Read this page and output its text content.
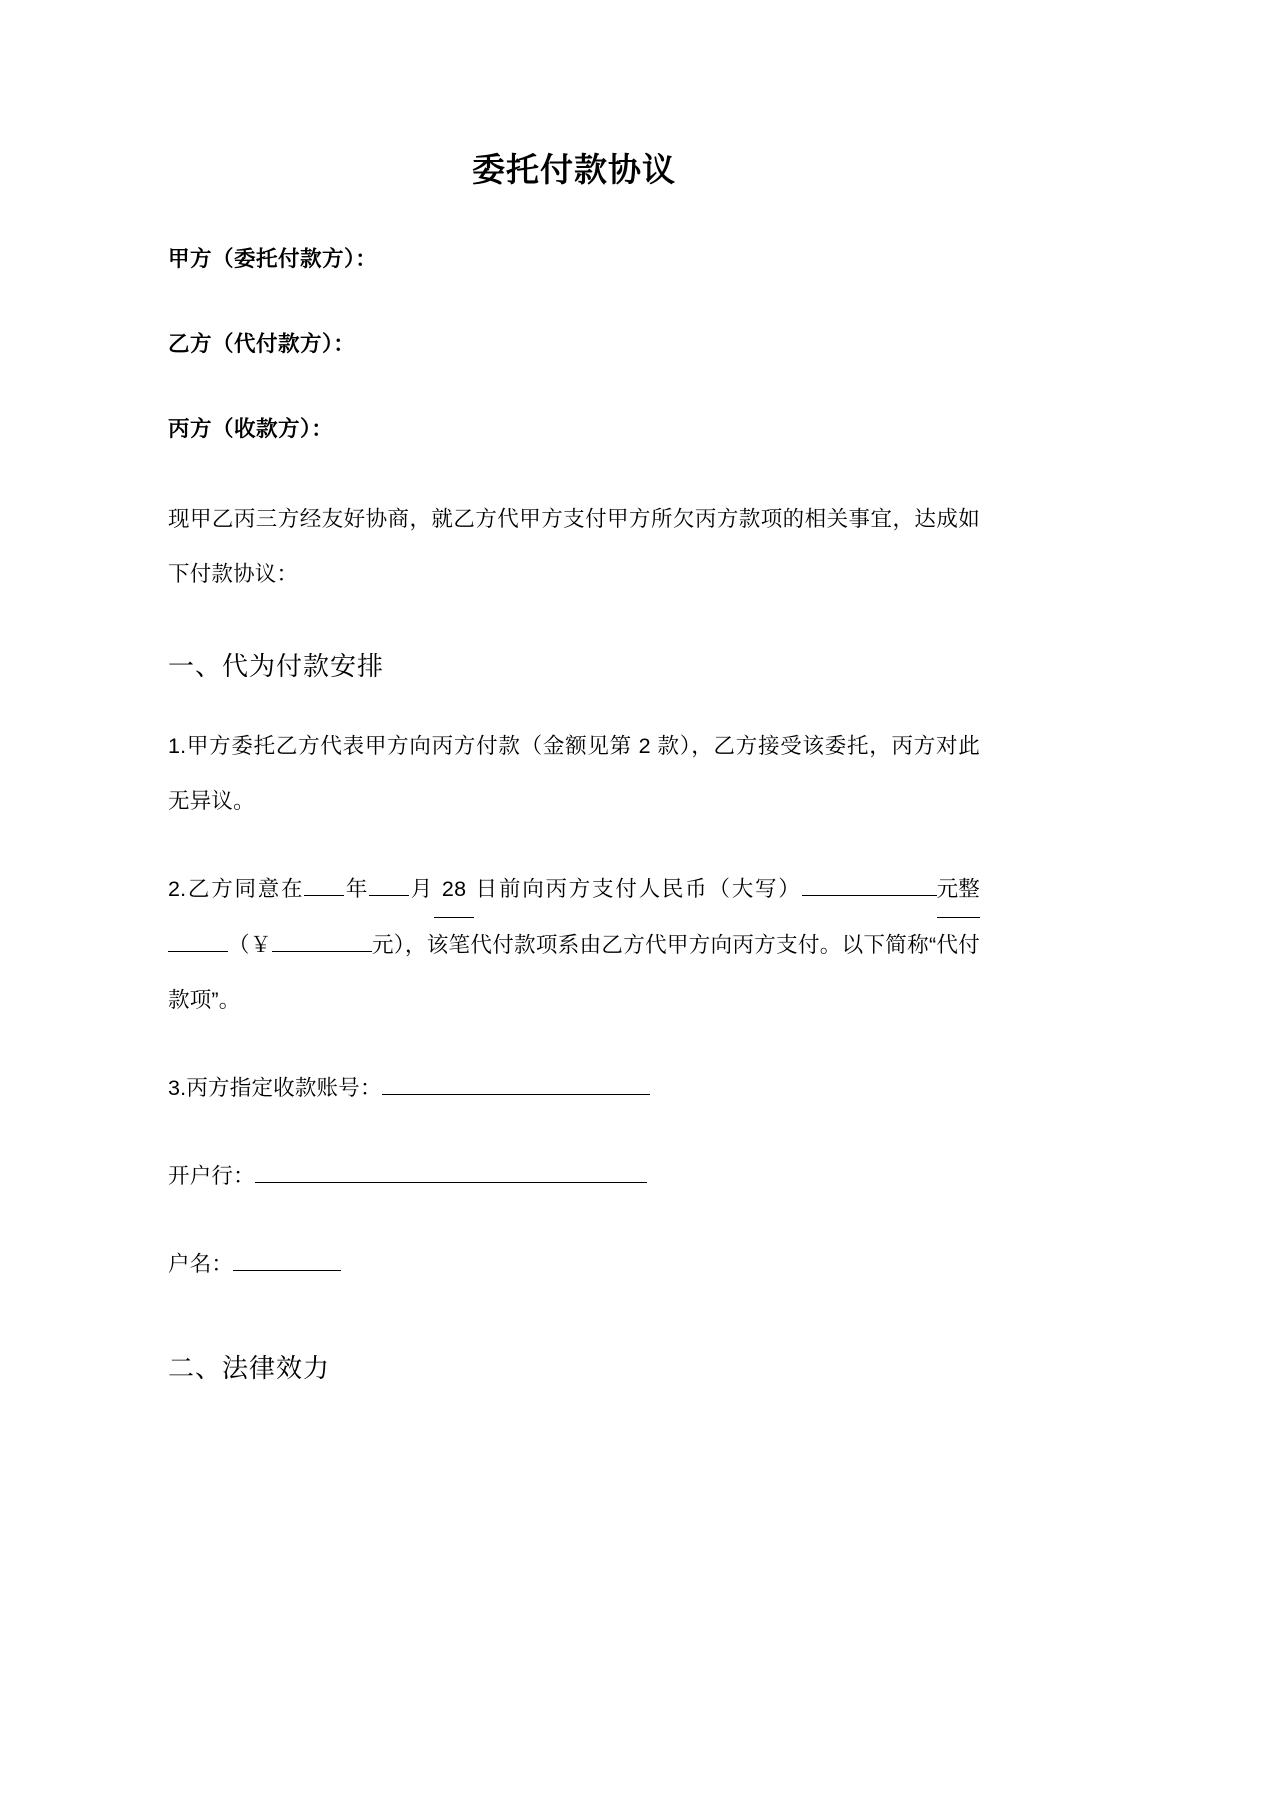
委托付款协议

甲方（委托付款方）：

乙方（代付款方）：

丙方（收款方）：

现甲乙丙三方经友好协商，就乙方代甲方支付甲方所欠丙方款项的相关事宜，达成如下付款协议：

一、代为付款安排

1.甲方委托乙方代表甲方向丙方付款（金额见第 2 款），乙方接受该委托，丙方对此无异议。

2.乙方同意在 年 月 28 日前向丙方支付人民币（大写）	元整（￥	元），该笔代付款项系由乙方代甲方向丙方支付。以下简称“代付款项”。

3.丙方指定收款账号：

开户行：

户名：

二、法律效力
